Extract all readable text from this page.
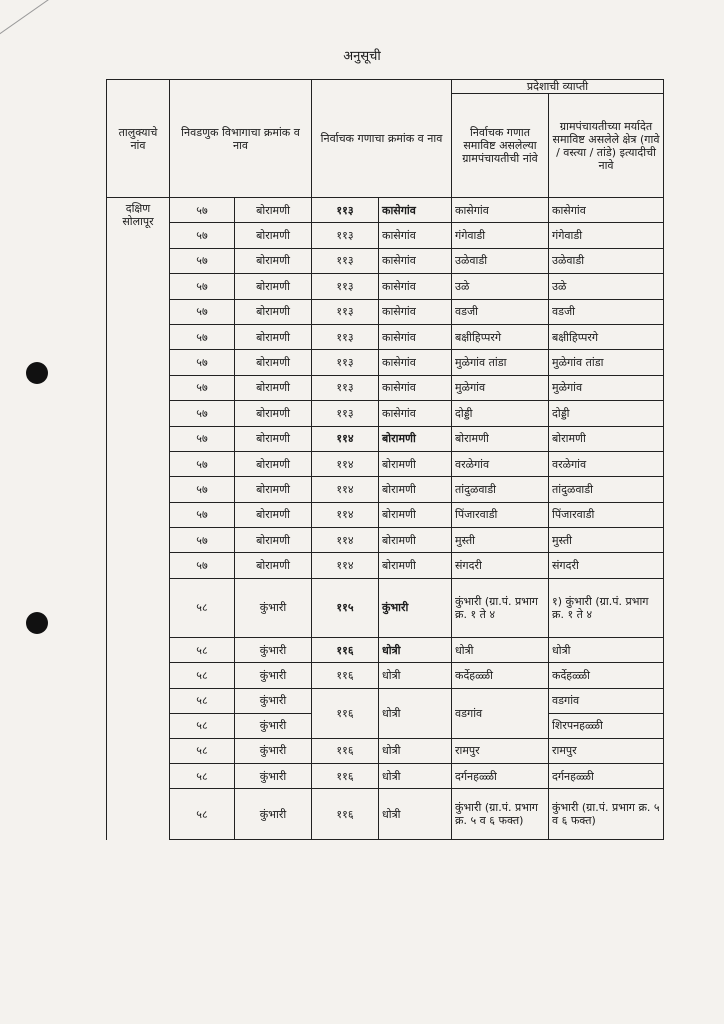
अनुसूची
तालुक्याचे नांव	निवडणुक विभागाचा क्रमांक व नाव		निर्वाचक गणाचा क्रमांक व नाव		प्रदेशाची व्याप्ती	
					निर्वाचक गणात समाविष्ट असलेल्या ग्रामपंचायतीची नांवे	ग्रामपंचायतीच्या मर्यादेत समाविष्ट असलेले क्षेत्र (गावे / वस्त्या / तांडे) इत्यादीची नावे
दक्षिण सोलापूर	५७	बोरामणी	११३	कासेगांव	कासेगांव	कासेगांव
	५७	बोरामणी	११३	कासेगांव	गंगेवाडी	गंगेवाडी
	५७	बोरामणी	११३	कासेगांव	उळेवाडी	उळेवाडी
	५७	बोरामणी	११३	कासेगांव	उळे	उळे
	५७	बोरामणी	११३	कासेगांव	वडजी	वडजी
	५७	बोरामणी	११३	कासेगांव	बक्षीहिप्परगे	बक्षीहिप्परगे
	५७	बोरामणी	११३	कासेगांव	मुळेगांव तांडा	मुळेगांव तांडा
	५७	बोरामणी	११३	कासेगांव	मुळेगांव	मुळेगांव
	५७	बोरामणी	११३	कासेगांव	दोड्डी	दोड्डी
	५७	बोरामणी	११४	बोरामणी	बोरामणी	बोरामणी
	५७	बोरामणी	११४	बोरामणी	वरळेगांव	वरळेगांव
	५७	बोरामणी	११४	बोरामणी	तांदुळवाडी	तांदुळवाडी
	५७	बोरामणी	११४	बोरामणी	पिंजारवाडी	पिंजारवाडी
	५७	बोरामणी	११४	बोरामणी	मुस्ती	मुस्ती
	५७	बोरामणी	११४	बोरामणी	संगदरी	संगदरी
	५८	कुंभारी	११५	कुंभारी	कुंभारी (ग्रा.पं. प्रभाग क्र. १ ते ४	१) कुंभारी (ग्रा.पं. प्रभाग क्र. १ ते ४
	५८	कुंभारी	११६	धोत्री	धोत्री	धोत्री
	५८	कुंभारी	११६	धोत्री	कर्देहळ्ळी	कर्देहळ्ळी
	५८	कुंभारी	११६	धोत्री	वडगांव	वडगांव
	५८	कुंभारी				शिरपनहळ्ळी
	५८	कुंभारी	११६	धोत्री	रामपुर	रामपुर
	५८	कुंभारी	११६	धोत्री	दर्गनहळ्ळी	दर्गनहळ्ळी
	५८	कुंभारी	११६	धोत्री	कुंभारी (ग्रा.पं. प्रभाग क्र. ५ व ६ फक्त)	कुंभारी (ग्रा.पं. प्रभाग क्र. ५ व ६ फक्त)
